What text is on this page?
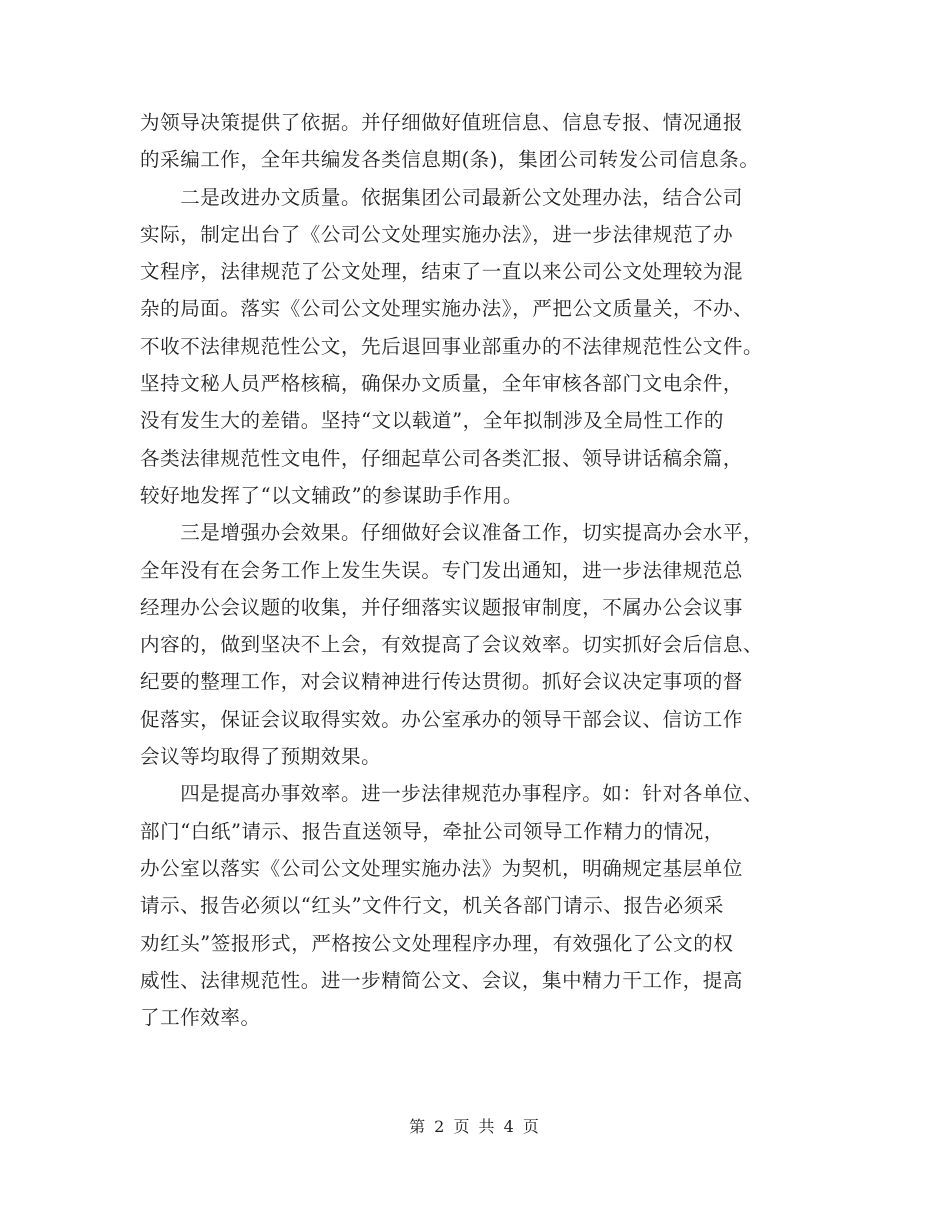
为领导决策提供了依据。并仔细做好值班信息、信息专报、情况通报
的采编工作，全年共编发各类信息期(条)，集团公司转发公司信息条。
　　二是改进办文质量。依据集团公司最新公文处理办法，结合公司
实际，制定出台了《公司公文处理实施办法》，进一步法律规范了办
文程序，法律规范了公文处理，结束了一直以来公司公文处理较为混
杂的局面。落实《公司公文处理实施办法》，严把公文质量关，不办、
不收不法律规范性公文，先后退回事业部重办的不法律规范性公文件。
坚持文秘人员严格核稿，确保办文质量，全年审核各部门文电余件，
没有发生大的差错。坚持“文以载道”，全年拟制涉及全局性工作的
各类法律规范性文电件，仔细起草公司各类汇报、领导讲话稿余篇，
较好地发挥了“以文辅政”的参谋助手作用。
　　三是增强办会效果。仔细做好会议准备工作，切实提高办会水平，
全年没有在会务工作上发生失误。专门发出通知，进一步法律规范总
经理办公会议题的收集，并仔细落实议题报审制度，不属办公会议事
内容的，做到坚决不上会，有效提高了会议效率。切实抓好会后信息、
纪要的整理工作，对会议精神进行传达贯彻。抓好会议决定事项的督
促落实，保证会议取得实效。办公室承办的领导干部会议、信访工作
会议等均取得了预期效果。
　　四是提高办事效率。进一步法律规范办事程序。如：针对各单位、
部门“白纸”请示、报告直送领导，牵扯公司领导工作精力的情况，
办公室以落实《公司公文处理实施办法》为契机，明确规定基层单位
请示、报告必须以“红头”文件行文，机关各部门请示、报告必须采
劝红头”签报形式，严格按公文处理程序办理，有效强化了公文的权
威性、法律规范性。进一步精简公文、会议，集中精力干工作，提高
了工作效率。
第 2 页 共 4 页
